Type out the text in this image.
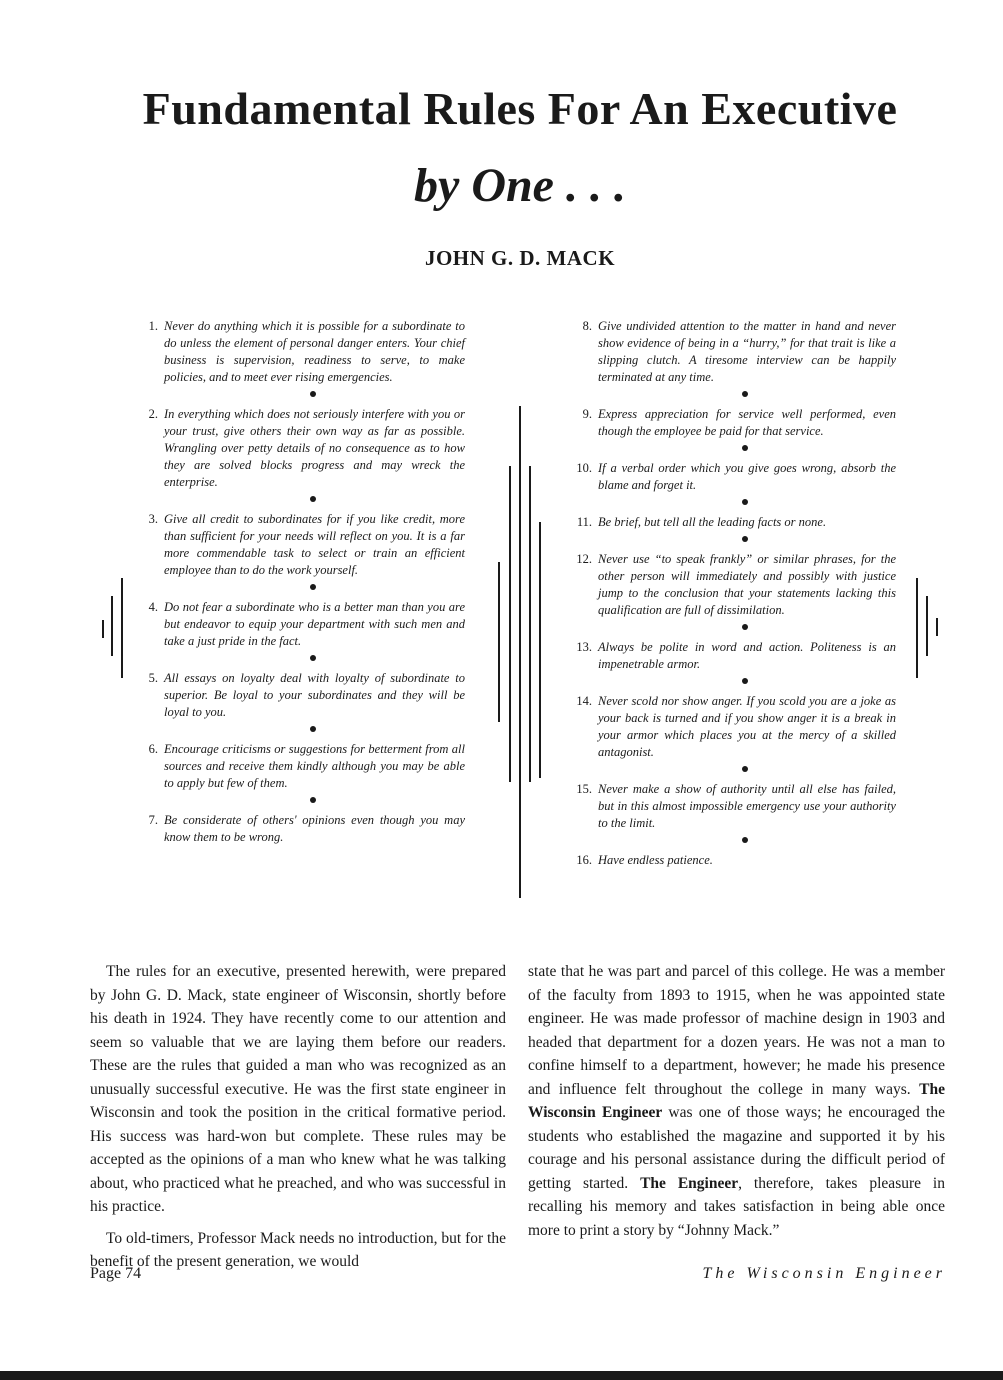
Fundamental Rules For An Executive
by One . . .
JOHN G. D. MACK
1. Never do anything which it is possible for a subordinate to do unless the element of personal danger enters. Your chief business is supervision, readiness to serve, to make policies, and to meet ever rising emergencies.
2. In everything which does not seriously interfere with you or your trust, give others their own way as far as possible. Wrangling over petty details of no consequence as to how they are solved blocks progress and may wreck the enterprise.
3. Give all credit to subordinates for if you like credit, more than sufficient for your needs will reflect on you. It is a far more commendable task to select or train an efficient employee than to do the work yourself.
4. Do not fear a subordinate who is a better man than you are but endeavor to equip your department with such men and take a just pride in the fact.
5. All essays on loyalty deal with loyalty of subordinate to superior. Be loyal to your subordinates and they will be loyal to you.
6. Encourage criticisms or suggestions for betterment from all sources and receive them kindly although you may be able to apply but few of them.
7. Be considerate of others' opinions even though you may know them to be wrong.
8. Give undivided attention to the matter in hand and never show evidence of being in a “hurry,” for that trait is like a slipping clutch. A tiresome interview can be happily terminated at any time.
9. Express appreciation for service well performed, even though the employee be paid for that service.
10. If a verbal order which you give goes wrong, absorb the blame and forget it.
11. Be brief, but tell all the leading facts or none.
12. Never use “to speak frankly” or similar phrases, for the other person will immediately and possibly with justice jump to the conclusion that your statements lacking this qualification are full of dissimilation.
13. Always be polite in word and action. Politeness is an impenetrable armor.
14. Never scold nor show anger. If you scold you are a joke as your back is turned and if you show anger it is a break in your armor which places you at the mercy of a skilled antagonist.
15. Never make a show of authority until all else has failed, but in this almost impossible emergency use your authority to the limit.
16. Have endless patience.

The rules for an executive, presented herewith, were prepared by John G. D. Mack, state engineer of Wisconsin, shortly before his death in 1924. They have recently come to our attention and seem so valuable that we are laying them before our readers. These are the rules that guided a man who was recognized as an unusually successful executive. He was the first state engineer in Wisconsin and took the position in the critical formative period. His success was hard-won but complete. These rules may be accepted as the opinions of a man who knew what he was talking about, who practiced what he preached, and who was successful in his practice.

To old-timers, Professor Mack needs no introduction, but for the benefit of the present generation, we would

state that he was part and parcel of this college. He was a member of the faculty from 1893 to 1915, when he was appointed state engineer. He was made professor of machine design in 1903 and headed that department for a dozen years. He was not a man to confine himself to a department, however; he made his presence and influence felt throughout the college in many ways. The Wisconsin Engineer was one of those ways; he encouraged the students who established the magazine and supported it by his courage and his personal assistance during the difficult period of getting started. The Engineer, therefore, takes pleasure in recalling his memory and takes satisfaction in being able once more to print a story by “Johnny Mack.”

Page 74	The Wisconsin Engineer
